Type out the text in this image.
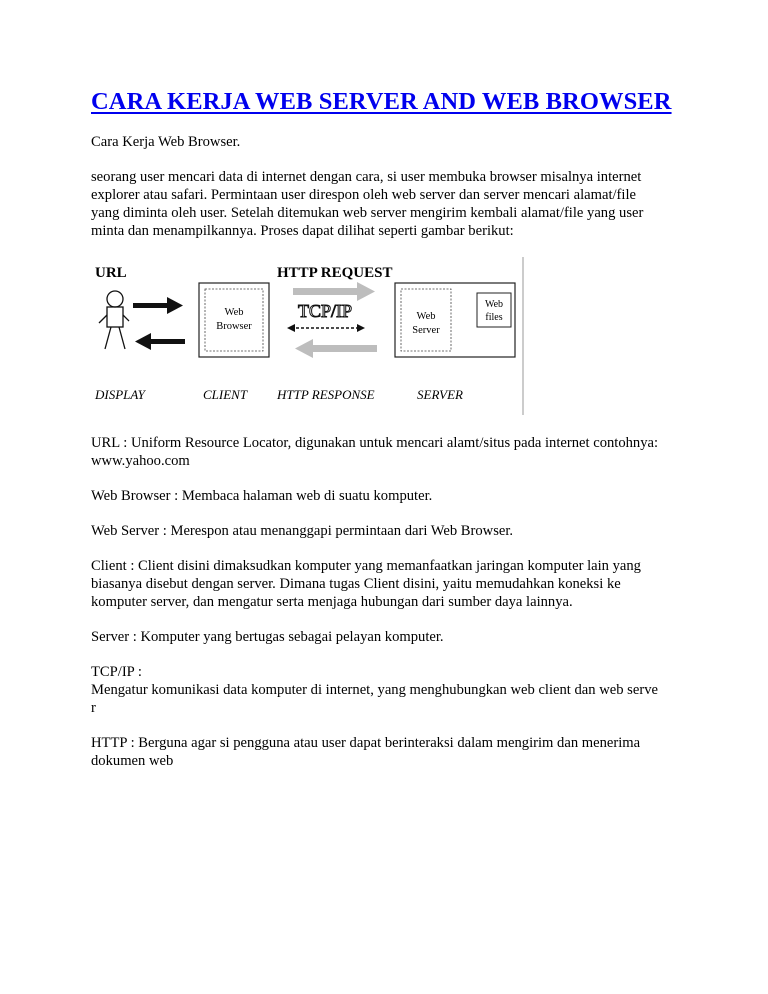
CARA KERJA WEB SERVER AND WEB BROWSER

Cara Kerja Web Browser.

seorang user mencari data di internet dengan cara, si user membuka browser misalnya internet
explorer atau safari. Permintaan user direspon oleh web server dan server mencari alamat/file
yang diminta oleh user. Setelah ditemukan web server mengirim kembali alamat/file yang user
minta dan menampilkannya. Proses dapat dilihat seperti gambar berikut:

URL
Web
Browser
HTTP REQUEST
TCP/IP	Web
Server
Web
files
DISPLAY	CLIENT HTTP RESPONSE	SERVER

URL : Uniform Resource Locator, digunakan untuk mencari alamt/situs pada internet contohnya:
www.yahoo.com

Web Browser : Membaca halaman web di suatu komputer.

Web Server : Merespon atau menanggapi permintaan dari Web Browser.

Client : Client disini dimaksudkan komputer yang memanfaatkan jaringan komputer lain yang
biasanya disebut dengan server. Dimana tugas Client disini, yaitu memudahkan koneksi ke
komputer server, dan mengatur serta menjaga hubungan dari sumber daya lainnya.

Server : Komputer yang bertugas sebagai pelayan komputer.

TCP/IP :
Mengatur komunikasi data komputer di internet, yang menghubungkan web client dan web serve
r

HTTP : Berguna agar si pengguna atau user dapat berinteraksi dalam mengirim dan menerima
dokumen web
